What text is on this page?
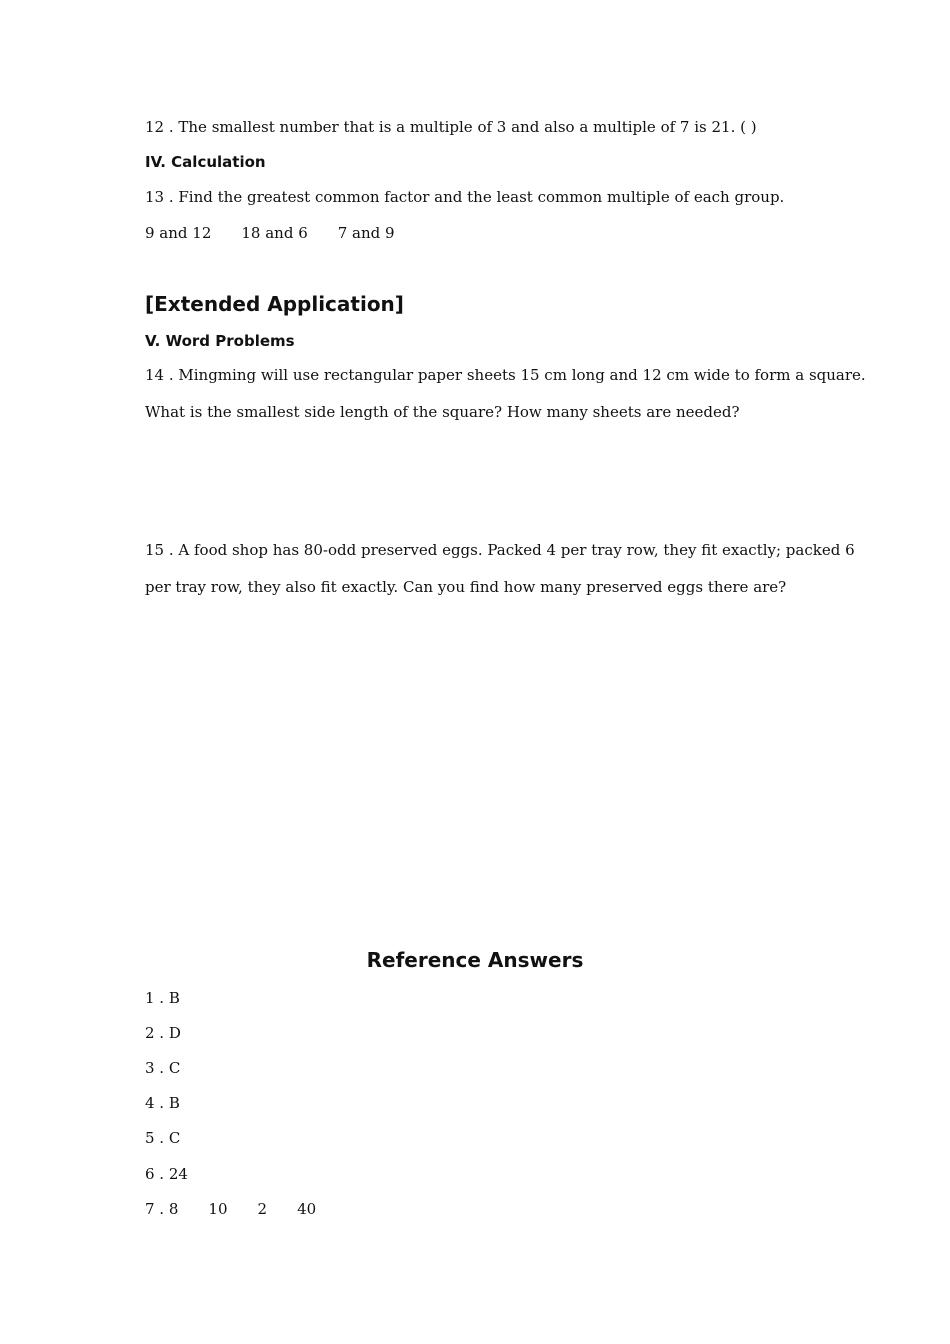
12 . The smallest number that is a multiple of 3 and also a multiple of 7 is 21. ( )
IV. Calculation
13 . Find the greatest common factor and the least common multiple of each group.
9 and 12 18 and 6 7 and 9
[Extended Application]
V. Word Problems
14 . Mingming will use rectangular paper sheets 15 cm long and 12 cm wide to form a square.
What is the smallest side length of the square? How many sheets are needed?
15 . A food shop has 80-odd preserved eggs. Packed 4 per tray row, they fit exactly; packed 6
per tray row, they also fit exactly. Can you find how many preserved eggs there are?
Reference Answers
1 . B
2 . D
3 . C
4 . B
5 . C
6 . 24
7 . 8 10 2 40
